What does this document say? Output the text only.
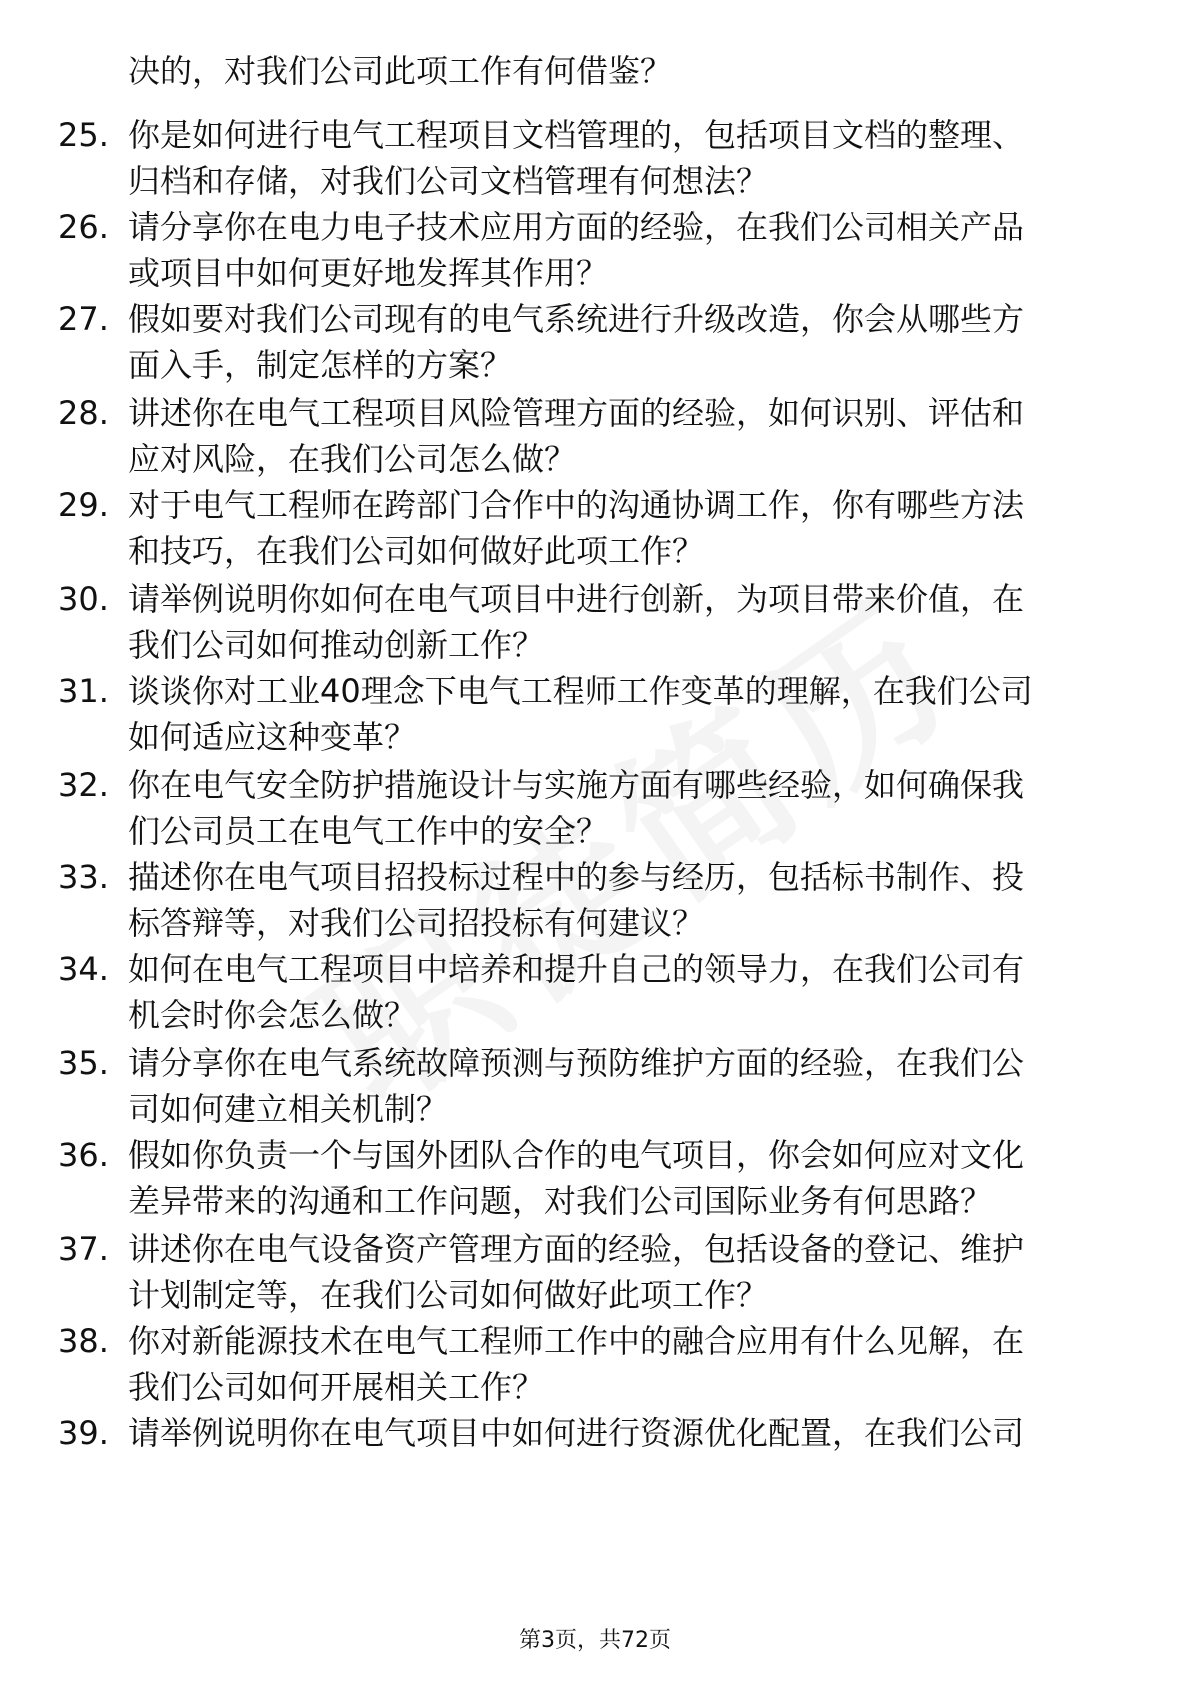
决的，对我们公司此项工作有何借鉴？
25. 你是如何进行电气工程项目文档管理的，包括项目文档的整理、
归档和存储，对我们公司文档管理有何想法？
26. 请分享你在电力电子技术应用方面的经验，在我们公司相关产品
或项目中如何更好地发挥其作用？
27. 假如要对我们公司现有的电气系统进行升级改造，你会从哪些方
面入手，制定怎样的方案？
28. 讲述你在电气工程项目风险管理方面的经验，如何识别、评估和
应对风险，在我们公司怎么做？
29. 对于电气工程师在跨部门合作中的沟通协调工作，你有哪些方法
和技巧，在我们公司如何做好此项工作？
30. 请举例说明你如何在电气项目中进行创新，为项目带来价值，在
我们公司如何推动创新工作？
31. 谈谈你对工业40理念下电气工程师工作变革的理解，在我们公司
如何适应这种变革？
32. 你在电气安全防护措施设计与实施方面有哪些经验，如何确保我
们公司员工在电气工作中的安全？
33. 描述你在电气项目招投标过程中的参与经历，包括标书制作、投
标答辩等，对我们公司招投标有何建议？
34. 如何在电气工程项目中培养和提升自己的领导力，在我们公司有
机会时你会怎么做？
35. 请分享你在电气系统故障预测与预防维护方面的经验，在我们公
司如何建立相关机制？
36. 假如你负责一个与国外团队合作的电气项目，你会如何应对文化
差异带来的沟通和工作问题，对我们公司国际业务有何思路？
37. 讲述你在电气设备资产管理方面的经验，包括设备的登记、维护
计划制定等，在我们公司如何做好此项工作？
38. 你对新能源技术在电气工程师工作中的融合应用有什么见解，在
我们公司如何开展相关工作？
39. 请举例说明你在电气项目中如何进行资源优化配置，在我们公司
第3页，共72页
